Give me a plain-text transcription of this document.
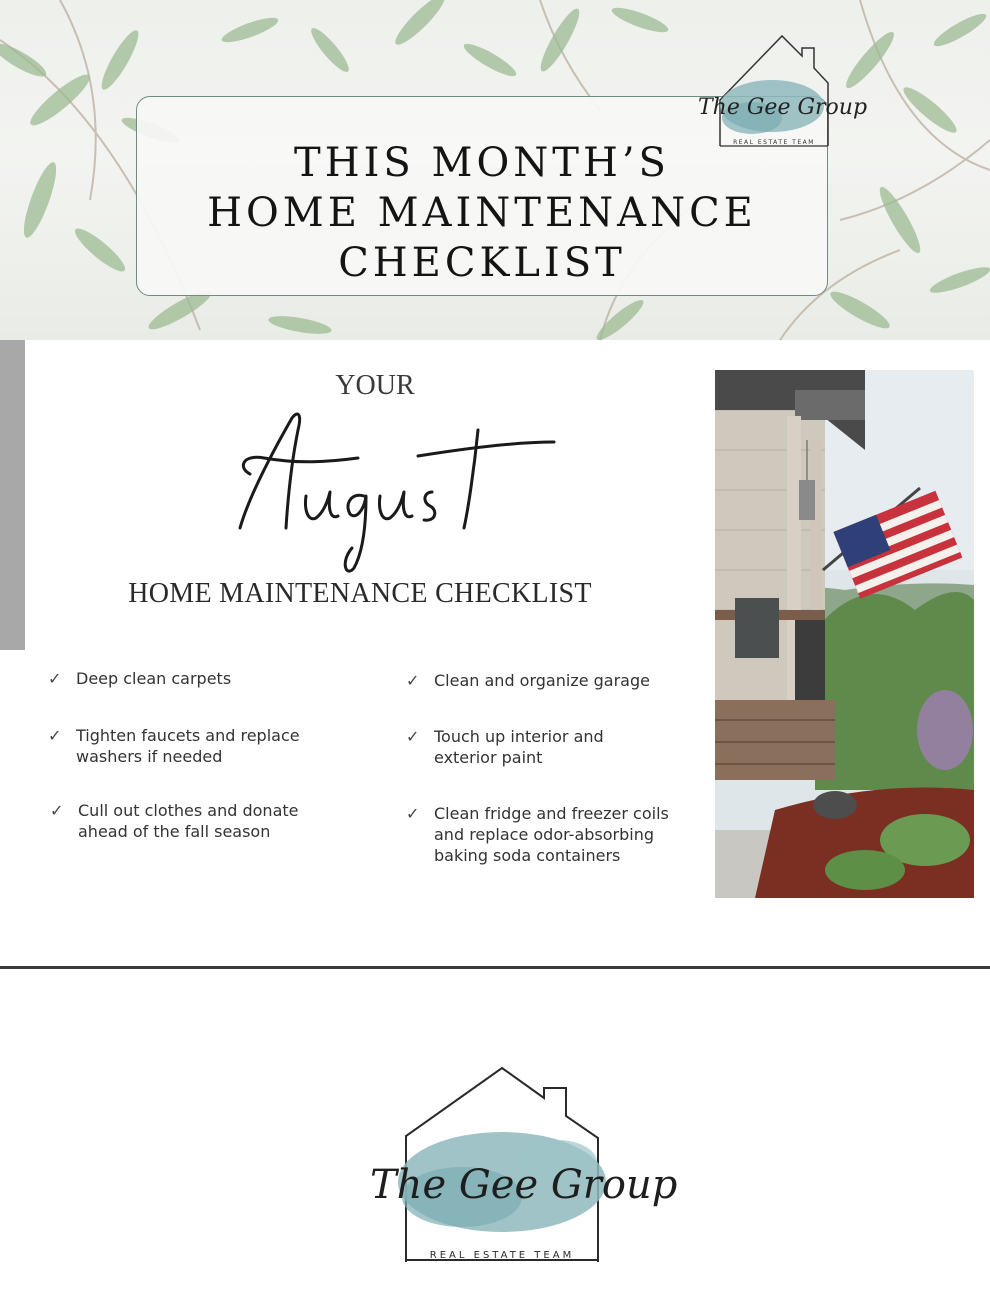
THIS MONTH’S
HOME MAINTENANCE
CHECKLIST
The Gee Group
REAL ESTATE TEAM
YOUR
HOME MAINTENANCE CHECKLIST
✓ Deep clean carpets
✓ Tighten faucets and replace
washers if needed
✓ Cull out clothes and donate
ahead of the fall season
✓ Clean and organize garage
✓ Touch up interior and
exterior paint
✓ Clean fridge and freezer coils
and replace odor-absorbing
baking soda containers
The Gee Group
REAL ESTATE TEAM
